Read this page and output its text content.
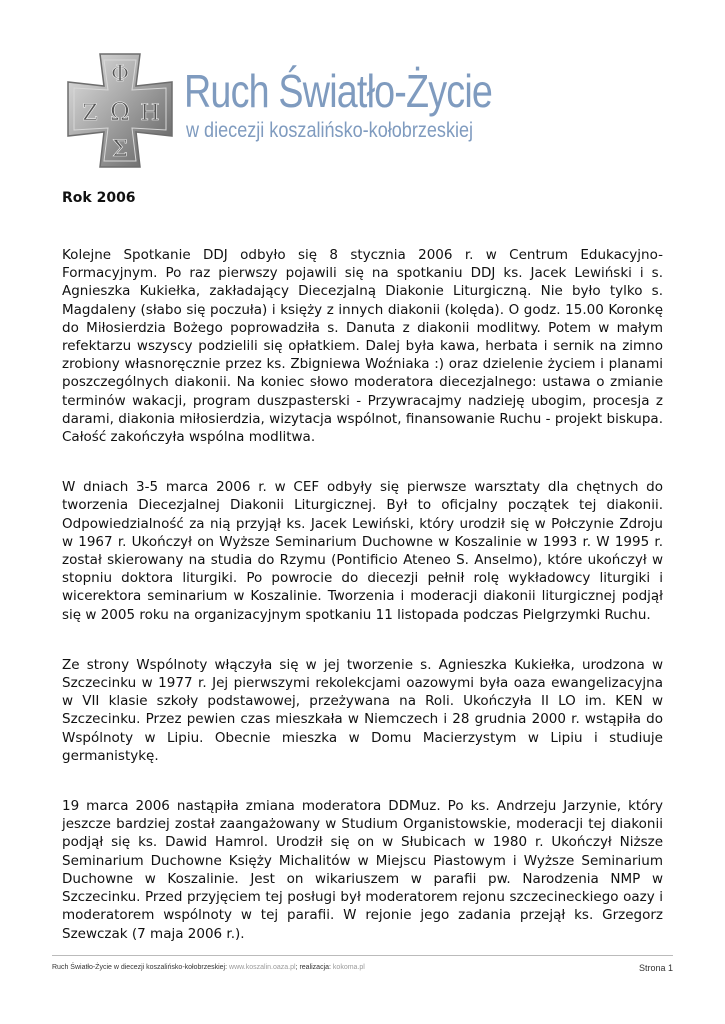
Φ
Ζ Ω Η
Σ
Ruch Światło-Życie
w diecezji koszalińsko-kołobrzeskiej
Rok 2006

Kolejne Spotkanie DDJ odbyło się 8 stycznia 2006 r. w Centrum Edukacyjno-Formacyjnym. Po raz pierwszy pojawili się na spotkaniu DDJ ks. Jacek Lewiński i s. Agnieszka Kukiełka, zakładający Diecezjalną Diakonie Liturgiczną. Nie było tylko s. Magdaleny (słabo się poczuła) i księży z innych diakonii (kolęda). O godz. 15.00 Koronkę do Miłosierdzia Bożego poprowadziła s. Danuta z diakonii modlitwy. Potem w małym refektarzu wszyscy podzielili się opłatkiem. Dalej była kawa, herbata i sernik na zimno zrobiony własnoręcznie przez ks. Zbigniewa Woźniaka :) oraz dzielenie życiem i planami poszczególnych diakonii. Na koniec słowo moderatora diecezjalnego: ustawa o zmianie terminów wakacji, program duszpasterski - Przywracajmy nadzieję ubogim, procesja z darami, diakonia miłosierdzia, wizytacja wspólnot, finansowanie Ruchu - projekt biskupa. Całość zakończyła wspólna modlitwa.

W dniach 3-5 marca 2006 r. w CEF odbyły się pierwsze warsztaty dla chętnych do tworzenia Diecezjalnej Diakonii Liturgicznej. Był to oficjalny początek tej diakonii. Odpowiedzialność za nią przyjął ks. Jacek Lewiński, który urodził się w Połczynie Zdroju w 1967 r. Ukończył on Wyższe Seminarium Duchowne w Koszalinie w 1993 r. W 1995 r. został skierowany na studia do Rzymu (Pontificio Ateneo S. Anselmo), które ukończył w stopniu doktora liturgiki. Po powrocie do diecezji pełnił rolę wykładowcy liturgiki i wicerektora seminarium w Koszalinie. Tworzenia i moderacji diakonii liturgicznej podjął się w 2005 roku na organizacyjnym spotkaniu 11 listopada podczas Pielgrzymki Ruchu.

Ze strony Wspólnoty włączyła się w jej tworzenie s. Agnieszka Kukiełka, urodzona w Szczecinku w 1977 r. Jej pierwszymi rekolekcjami oazowymi była oaza ewangelizacyjna w VII klasie szkoły podstawowej, przeżywana na Roli. Ukończyła II LO im. KEN w Szczecinku. Przez pewien czas mieszkała w Niemczech i 28 grudnia 2000 r. wstąpiła do Wspólnoty w Lipiu. Obecnie mieszka w Domu Macierzystym w Lipiu i studiuje germanistykę.

19 marca 2006 nastąpiła zmiana moderatora DDMuz. Po ks. Andrzeju Jarzynie, który jeszcze bardziej został zaangażowany w Studium Organistowskie, moderacji tej diakonii podjął się ks. Dawid Hamrol. Urodził się on w Słubicach w 1980 r. Ukończył Niższe Seminarium Duchowne Księży Michalitów w Miejscu Piastowym i Wyższe Seminarium Duchowne w Koszalinie. Jest on wikariuszem w parafii pw. Narodzenia NMP w Szczecinku. Przed przyjęciem tej posługi był moderatorem rejonu szczecineckiego oazy i moderatorem wspólnoty w tej parafii. W rejonie jego zadania przejął ks. Grzegorz Szewczak (7 maja 2006 r.).

Ruch Światło-Życie w diecezji koszalińsko-kołobrzeskiej: www.koszalin.oaza.pl; realizacja: kokoma.pl	Strona 1
